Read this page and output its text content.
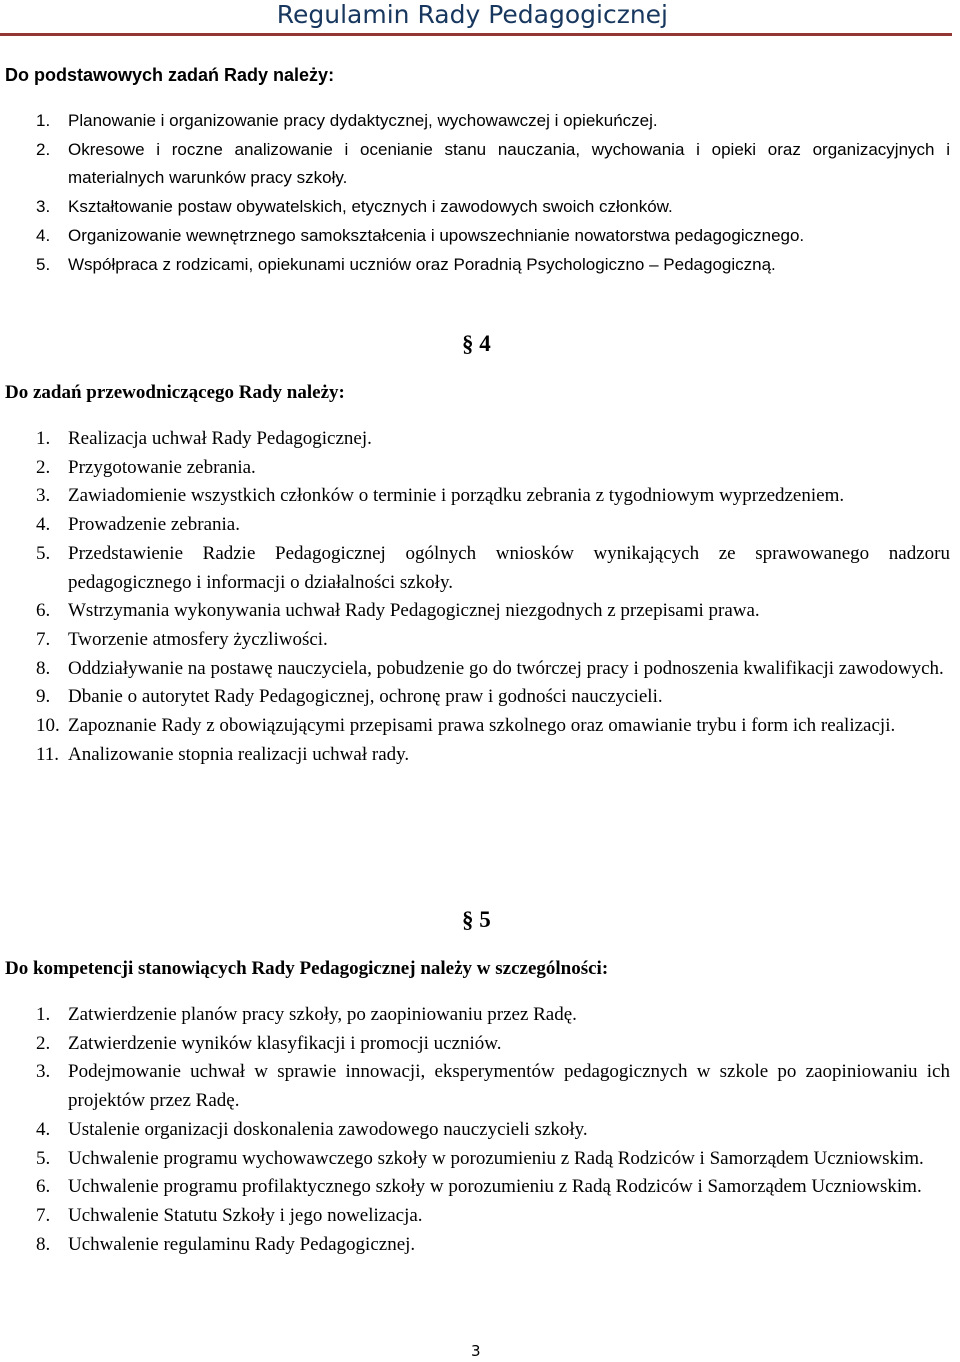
Regulamin Rady Pedagogicznej
Do podstawowych zadań Rady należy:
1. Planowanie i organizowanie pracy dydaktycznej, wychowawczej i opiekuńczej.
2. Okresowe i roczne analizowanie i ocenianie stanu nauczania, wychowania i opieki oraz organizacyjnych i materialnych warunków pracy szkoły.
3. Kształtowanie postaw obywatelskich, etycznych i zawodowych swoich członków.
4. Organizowanie wewnętrznego samokształcenia i upowszechnianie nowatorstwa pedagogicznego.
5. Współpraca z rodzicami, opiekunami uczniów oraz Poradnią Psychologiczno – Pedagogiczną.
§ 4
Do zadań przewodniczącego Rady należy:
1. Realizacja uchwał Rady Pedagogicznej.
2. Przygotowanie zebrania.
3. Zawiadomienie wszystkich członków o terminie i porządku zebrania z tygodniowym wyprzedzeniem.
4. Prowadzenie zebrania.
5. Przedstawienie Radzie Pedagogicznej ogólnych wniosków wynikających ze sprawowanego nadzoru pedagogicznego i informacji o działalności szkoły.
6. Wstrzymania wykonywania uchwał Rady Pedagogicznej niezgodnych z przepisami prawa.
7. Tworzenie atmosfery życzliwości.
8. Oddziaływanie na postawę nauczyciela, pobudzenie go do twórczej pracy i podnoszenia kwalifikacji zawodowych.
9. Dbanie o autorytet Rady Pedagogicznej, ochronę praw i godności nauczycieli.
10. Zapoznanie Rady z obowiązującymi przepisami prawa szkolnego oraz omawianie trybu i form ich realizacji.
11. Analizowanie stopnia realizacji uchwał rady.
§ 5
Do kompetencji stanowiących Rady Pedagogicznej należy w szczególności:
1. Zatwierdzenie planów pracy szkoły, po zaopiniowaniu przez Radę.
2. Zatwierdzenie wyników klasyfikacji i promocji uczniów.
3. Podejmowanie uchwał w sprawie innowacji, eksperymentów pedagogicznych w szkole po zaopiniowaniu ich projektów przez Radę.
4. Ustalenie organizacji doskonalenia zawodowego nauczycieli szkoły.
5. Uchwalenie programu wychowawczego szkoły w porozumieniu z Radą Rodziców i Samorządem Uczniowskim.
6. Uchwalenie programu profilaktycznego szkoły w porozumieniu z Radą Rodziców i Samorządem Uczniowskim.
7. Uchwalenie Statutu Szkoły i jego nowelizacja.
8. Uchwalenie regulaminu Rady Pedagogicznej.
3
